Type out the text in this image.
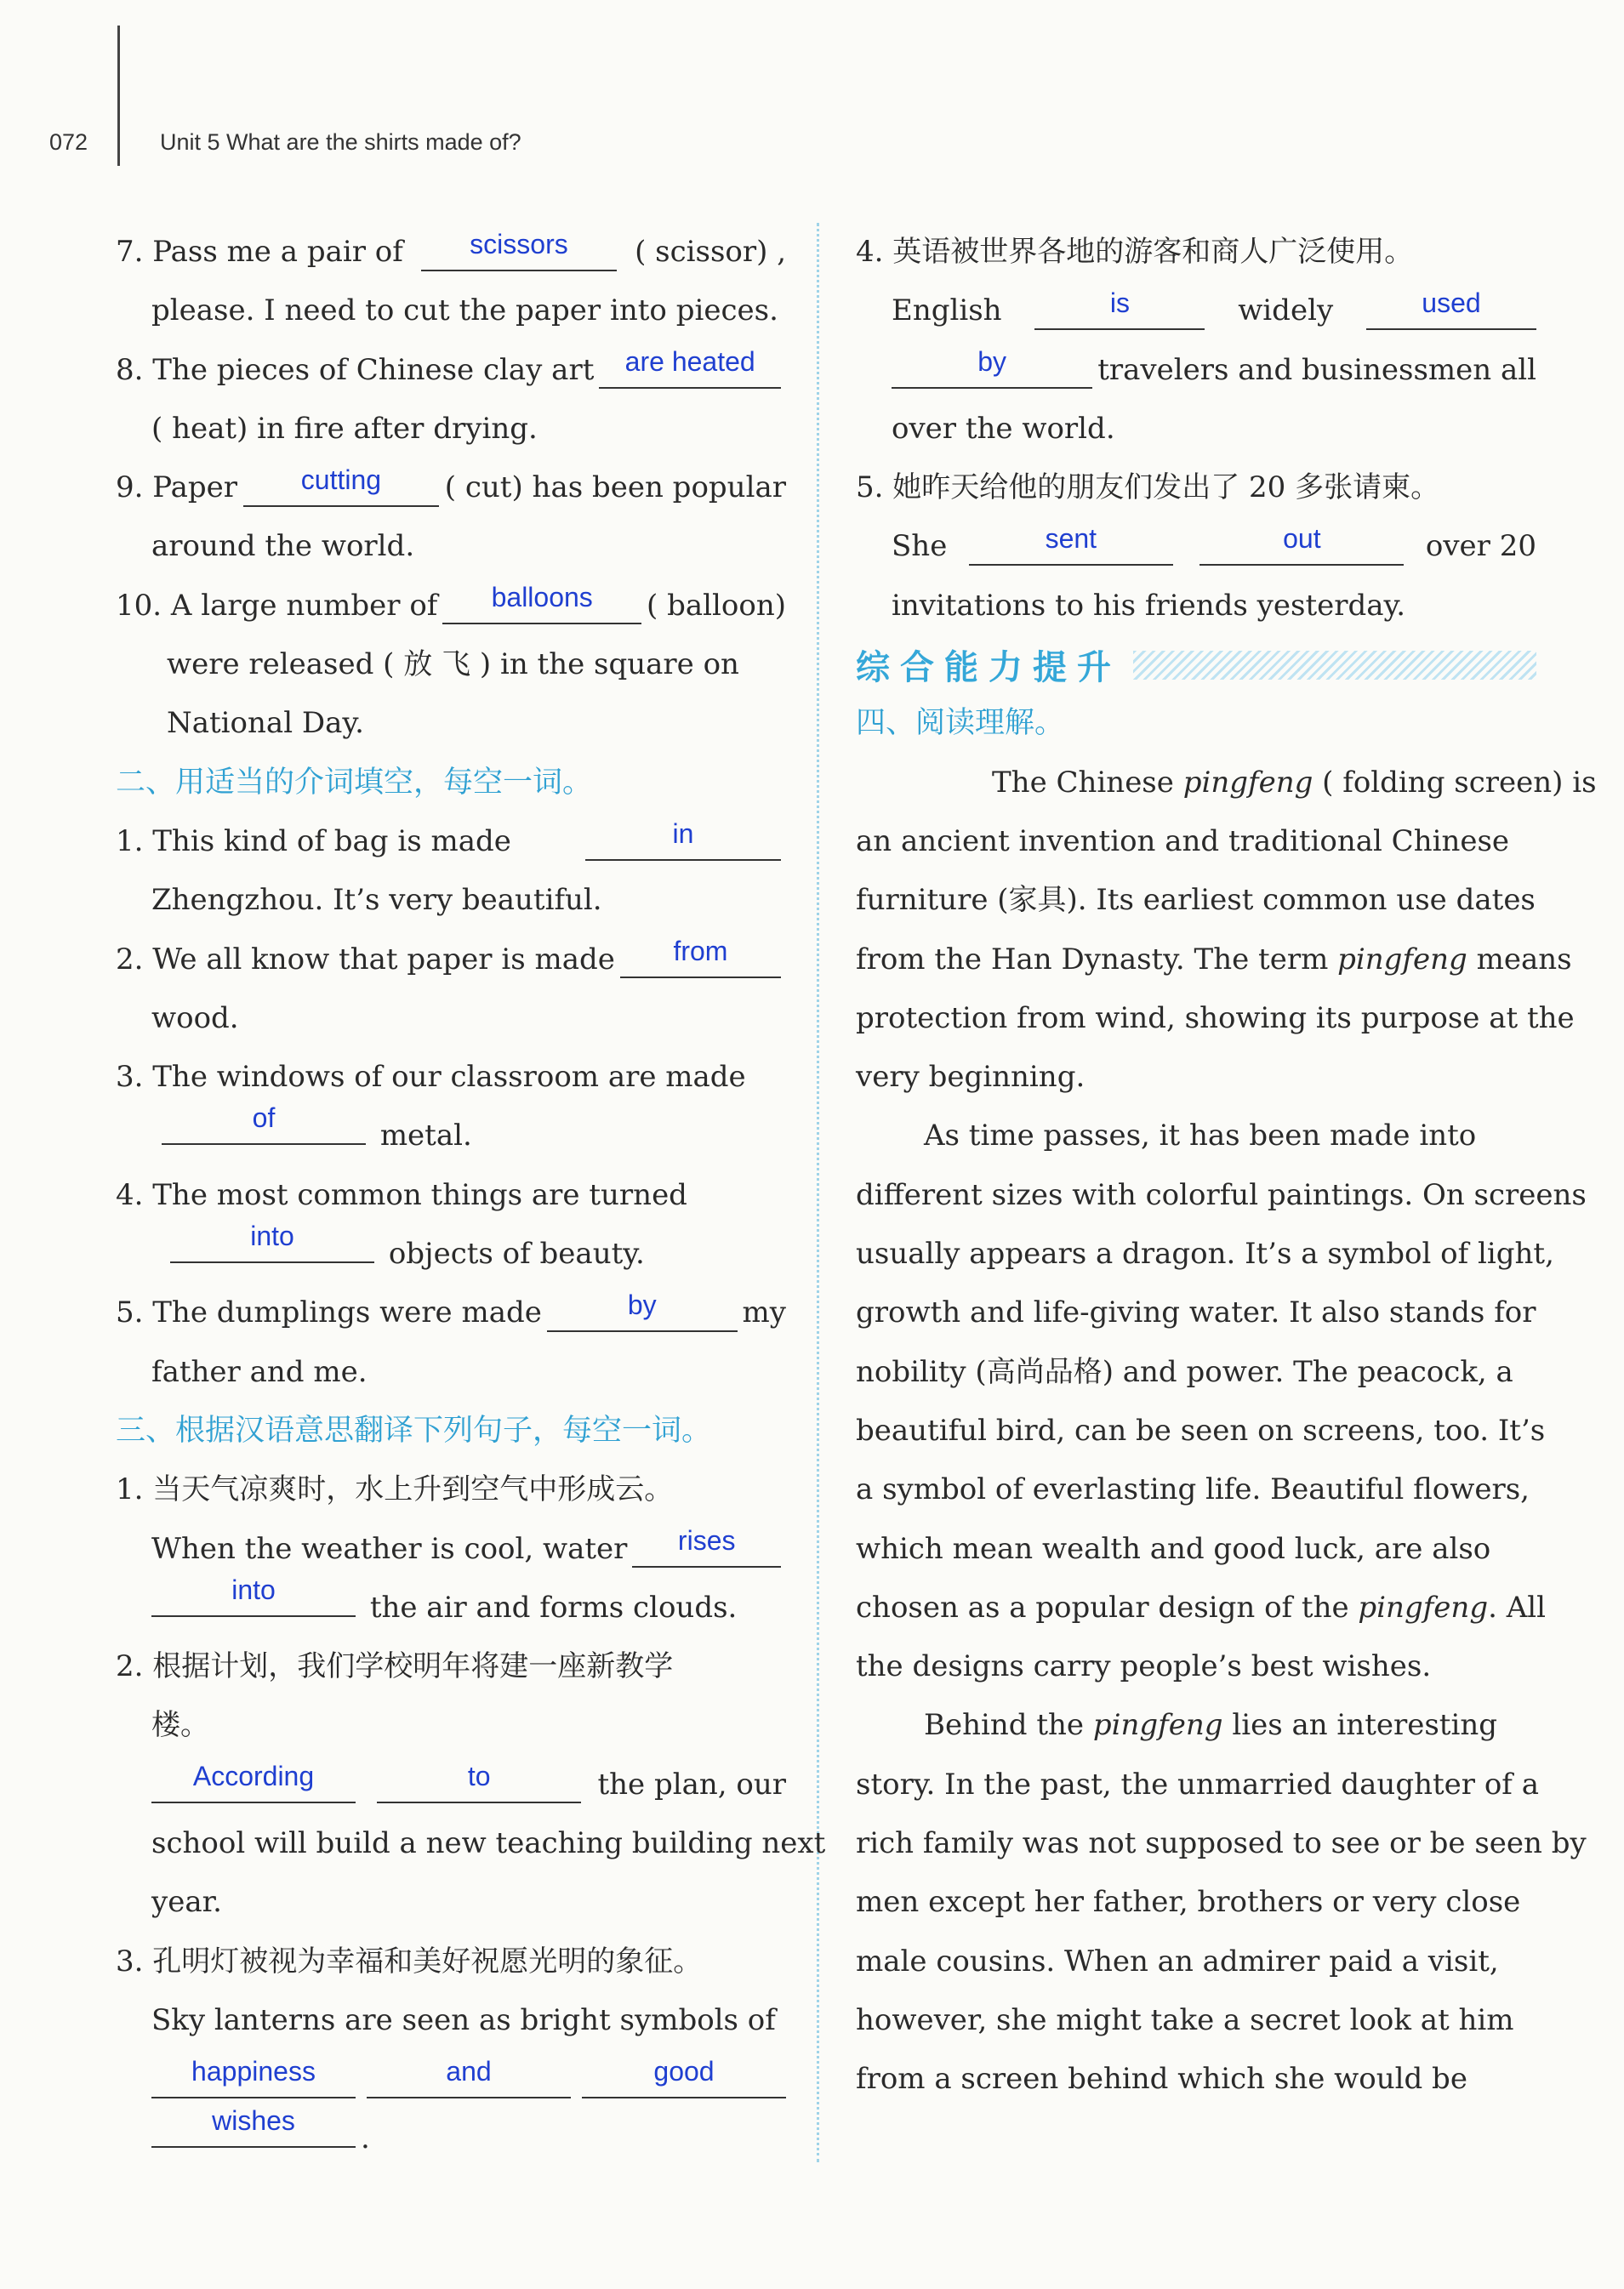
072	Unit 5 What are the shirts made of?
7. Pass me a pair of	scissors	( scissor) ,
please. I need to cut the paper into pieces.
8. The pieces of Chinese clay art	are heated
( heat) in fire after drying.
9. Paper	cutting	( cut) has been popular
around the world.
10. A large number of	balloons	( balloon)
were released ( 放 飞 ) in the square on
National Day.
二、用适当的介词填空，每空一词。
1. This kind of bag is made	in
Zhengzhou. It’s very beautiful.
2. We all know that paper is made	from
wood.
3. The windows of our classroom are made
of
metal.
4. The most common things are turned
into
objects of beauty.
5. The dumplings were made	by	my
father and me.
三、根据汉语意思翻译下列句子，每空一词。
1. 当天气凉爽时，水上升到空气中形成云。
When the weather is cool, water	rises
into
the air and forms clouds.
2. 根据计划，我们学校明年将建一座新教学
楼。
According	to	the plan, our
school will build a new teaching building next
year.
3. 孔明灯被视为幸福和美好祝愿光明的象征。
Sky lanterns are seen as bright symbols of
happiness	and	good
wishes
.
4. 英语被世界各地的游客和商人广泛使用。
English	is	widely	used
by	travelers and businessmen all
over the world.
5. 她昨天给他的朋友们发出了 20 多张请柬。
She	sent	out	over 20
invitations to his friends yesterday.
综合能力提升
四、阅读理解。
The Chinese pingfeng ( folding screen) is
an ancient invention and traditional Chinese
furniture (家具). Its earliest common use dates
from the Han Dynasty. The term pingfeng means
protection from wind, showing its purpose at the
very beginning.
As time passes, it has been made into
different sizes with colorful paintings. On screens
usually appears a dragon. It’s a symbol of light,
growth and life-giving water. It also stands for
nobility (高尚品格) and power. The peacock, a
beautiful bird, can be seen on screens, too. It’s
a symbol of everlasting life. Beautiful flowers,
which mean wealth and good luck, are also
chosen as a popular design of the pingfeng. All
the designs carry people’s best wishes.
Behind the pingfeng lies an interesting
story. In the past, the unmarried daughter of a
rich family was not supposed to see or be seen by
men except her father, brothers or very close
male cousins. When an admirer paid a visit,
however, she might take a secret look at him
from a screen behind which she would be
